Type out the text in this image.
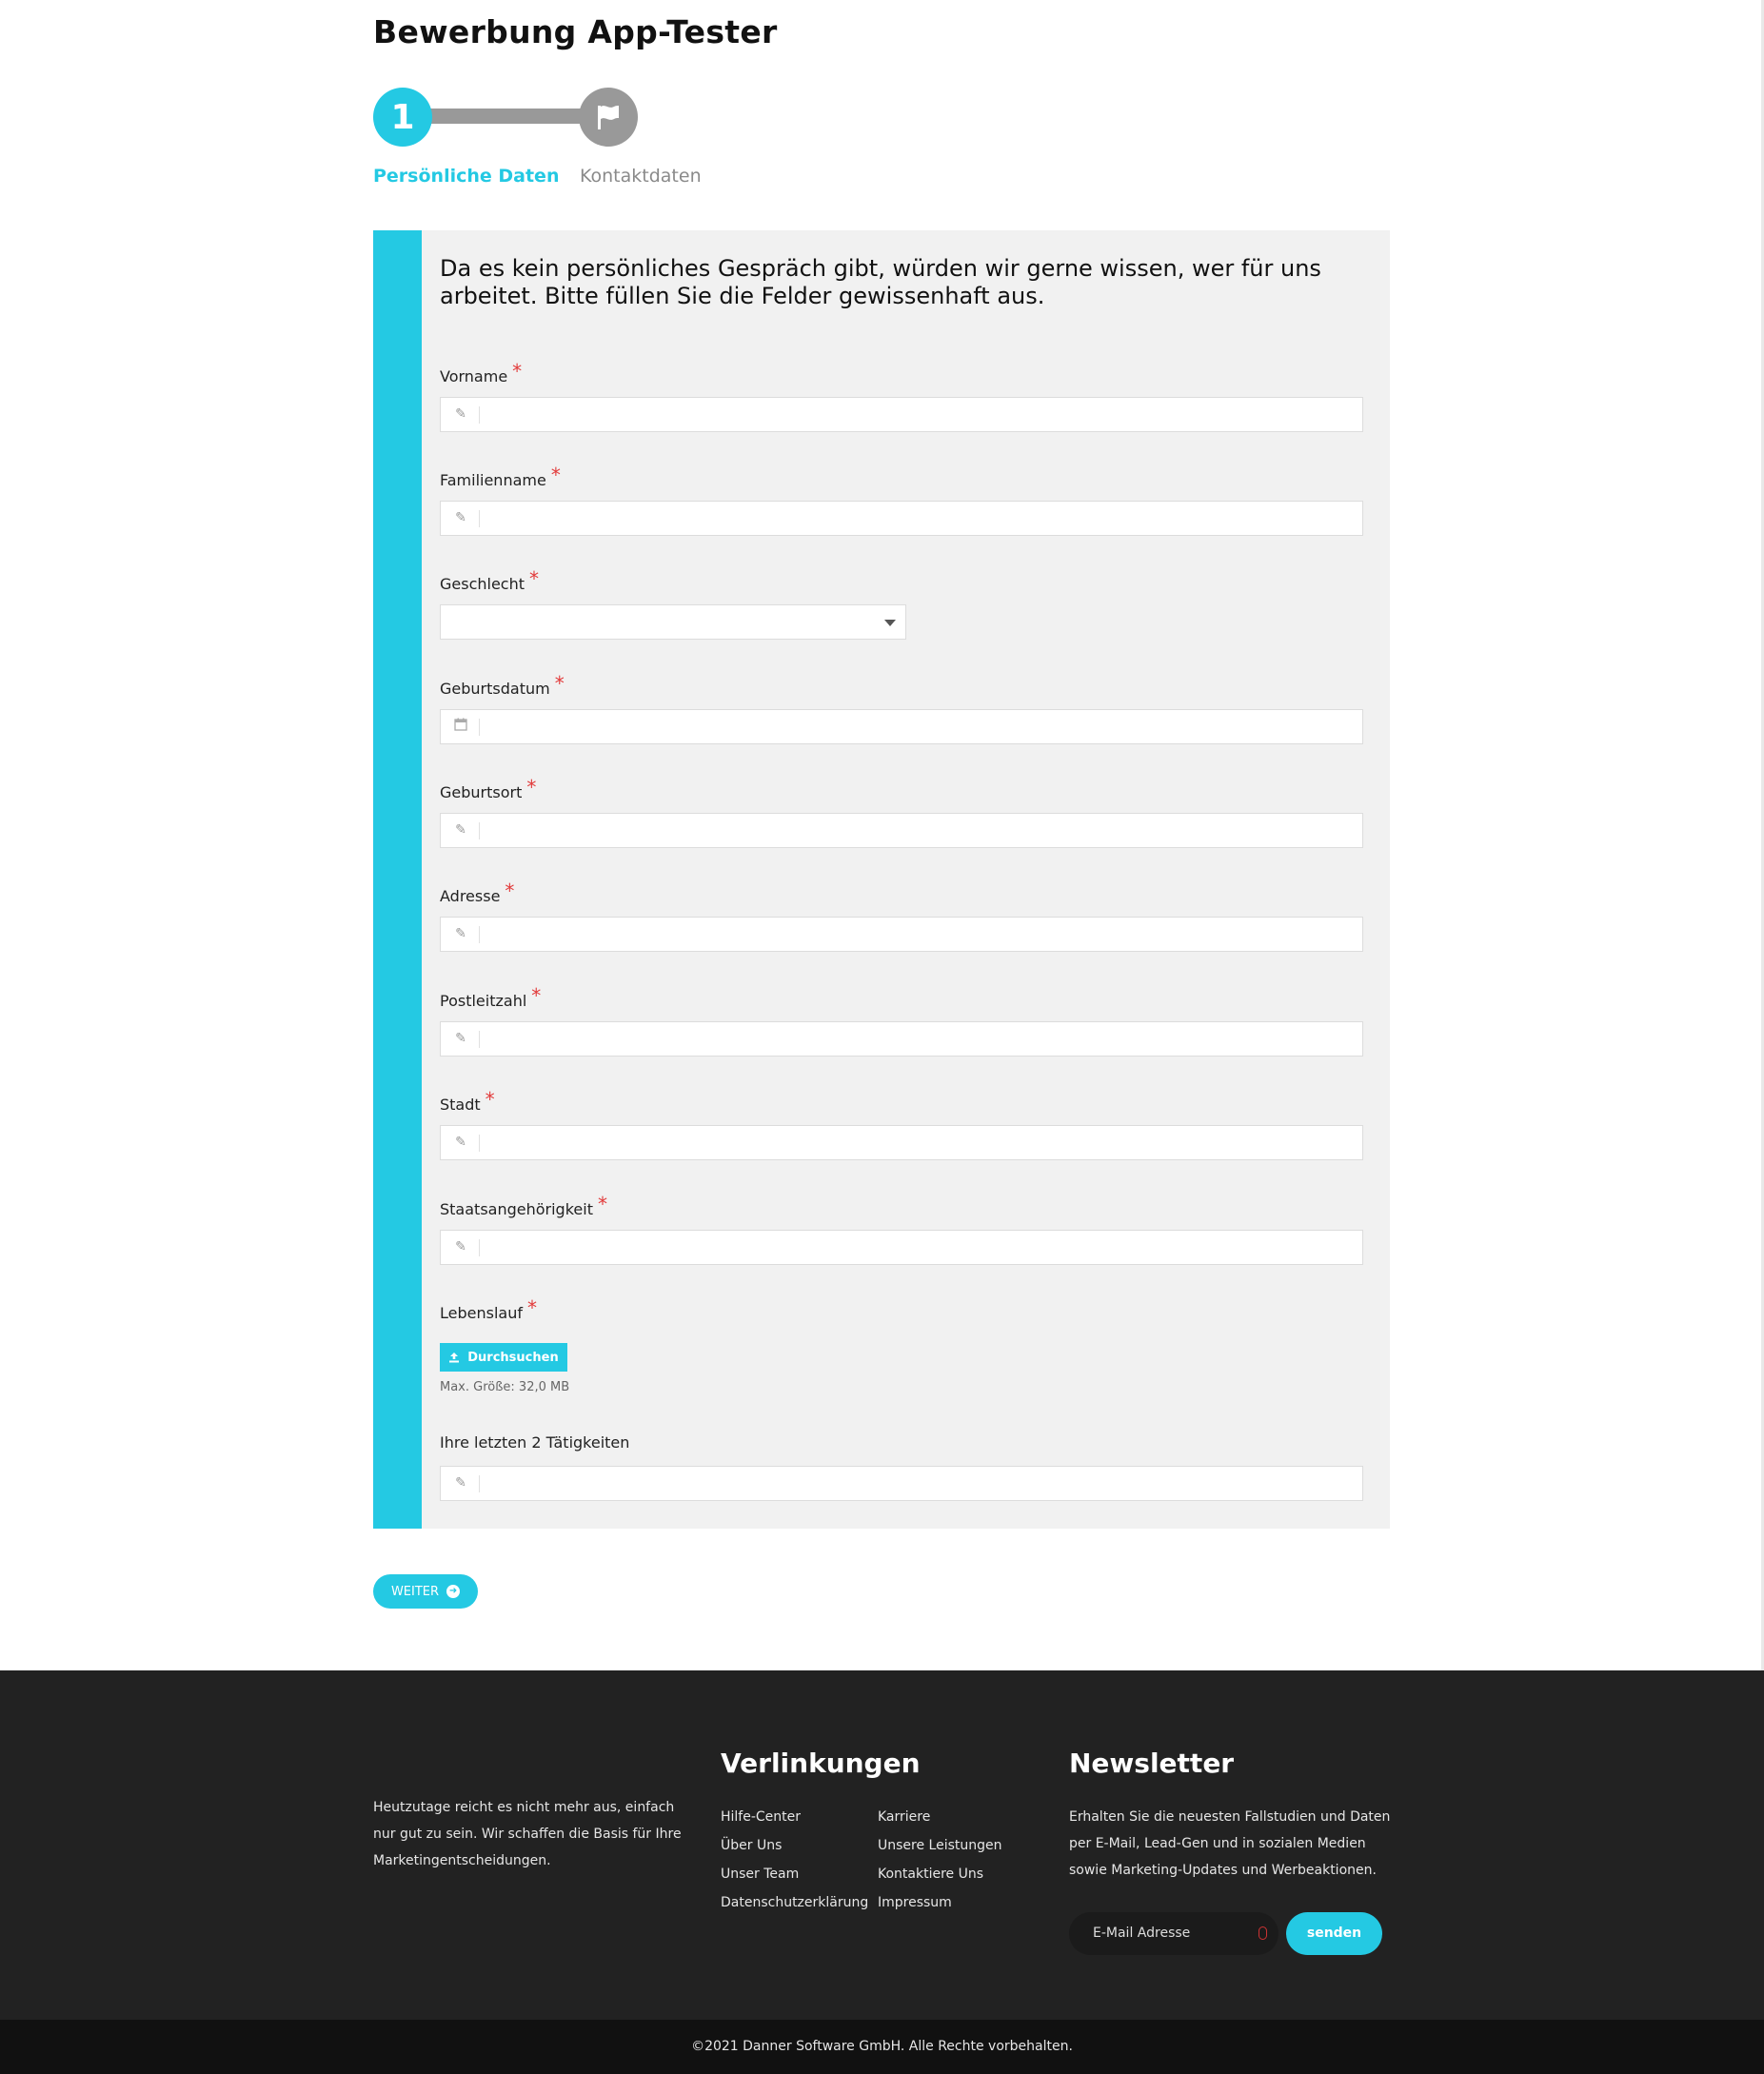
Bewerbung App-Tester
1
Persönliche Daten Kontaktdaten

Da es kein persönliches Gespräch gibt, würden wir gerne wissen, wer für uns arbeitet. Bitte füllen Sie die Felder gewissenhaft aus.

Vorname *
✎
Familienname *
✎
Geschlecht *
Geburtsdatum *
Geburtsort *
✎
Adresse *
✎
Postleitzahl *
✎
Stadt *
✎
Staatsangehörigkeit *
✎
Lebenslauf *
Durchsuchen
Max. Größe: 32,0 MB
Ihre letzten 2 Tätigkeiten
✎
WEITER ➜

Heutzutage reicht es nicht mehr aus, einfach nur gut zu sein. Wir schaffen die Basis für Ihre Marketingentscheidungen.

Verlinkungen
Hilfe-Center
Über Uns
Unser Team
Datenschutzerklärung
Karriere
Unsere Leistungen
Kontaktiere Uns
Impressum
Newsletter

Erhalten Sie die neuesten Fallstudien und Daten per E-Mail, Lead-Gen und in sozialen Medien sowie Marketing-Updates und Werbeaktionen.

E-Mail Adresse	senden
©2021 Danner Software GmbH. Alle Rechte vorbehalten.
